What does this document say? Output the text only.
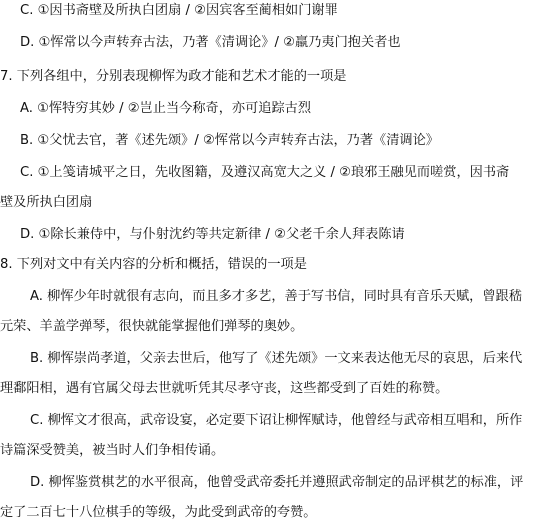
C. ①因书斋壁及所执白团扇 / ②因宾客至蔺相如门谢罪
D. ①恽常以今声转弃古法，乃著《清调论》/ ②羸乃夷门抱关者也
7. 下列各组中，分别表现柳恽为政才能和艺术才能的一项是
A. ①恽特穷其妙 / ②岂止当今称奇，亦可追踪古烈
B. ①父忧去官，著《述先颂》/ ②恽常以今声转弃古法，乃著《清调论》
C. ①上笺请城平之日，先收图籍，及遵汉高宽大之义 / ②琅邪王融见而嗟赏，因书斋
壁及所执白团扇
D. ①除长兼侍中，与仆射沈约等共定新律 / ②父老千余人拜表陈请
8. 下列对文中有关内容的分析和概括，错误的一项是
A. 柳恽少年时就很有志向，而且多才多艺，善于写书信，同时具有音乐天赋，曾跟嵇
元荣、羊盖学弹琴，很快就能掌握他们弹琴的奥妙。
B. 柳恽崇尚孝道，父亲去世后，他写了《述先颂》一文来表达他无尽的哀思，后来代
理鄱阳相，遇有官属父母去世就听凭其尽孝守丧，这些都受到了百姓的称赞。
C. 柳恽文才很高，武帝设宴，必定要下诏让柳恽赋诗，他曾经与武帝相互唱和，所作
诗篇深受赞美，被当时人们争相传诵。
D. 柳恽鉴赏棋艺的水平很高，他曾受武帝委托并遵照武帝制定的品评棋艺的标准，评
定了二百七十八位棋手的等级，为此受到武帝的夸赞。
